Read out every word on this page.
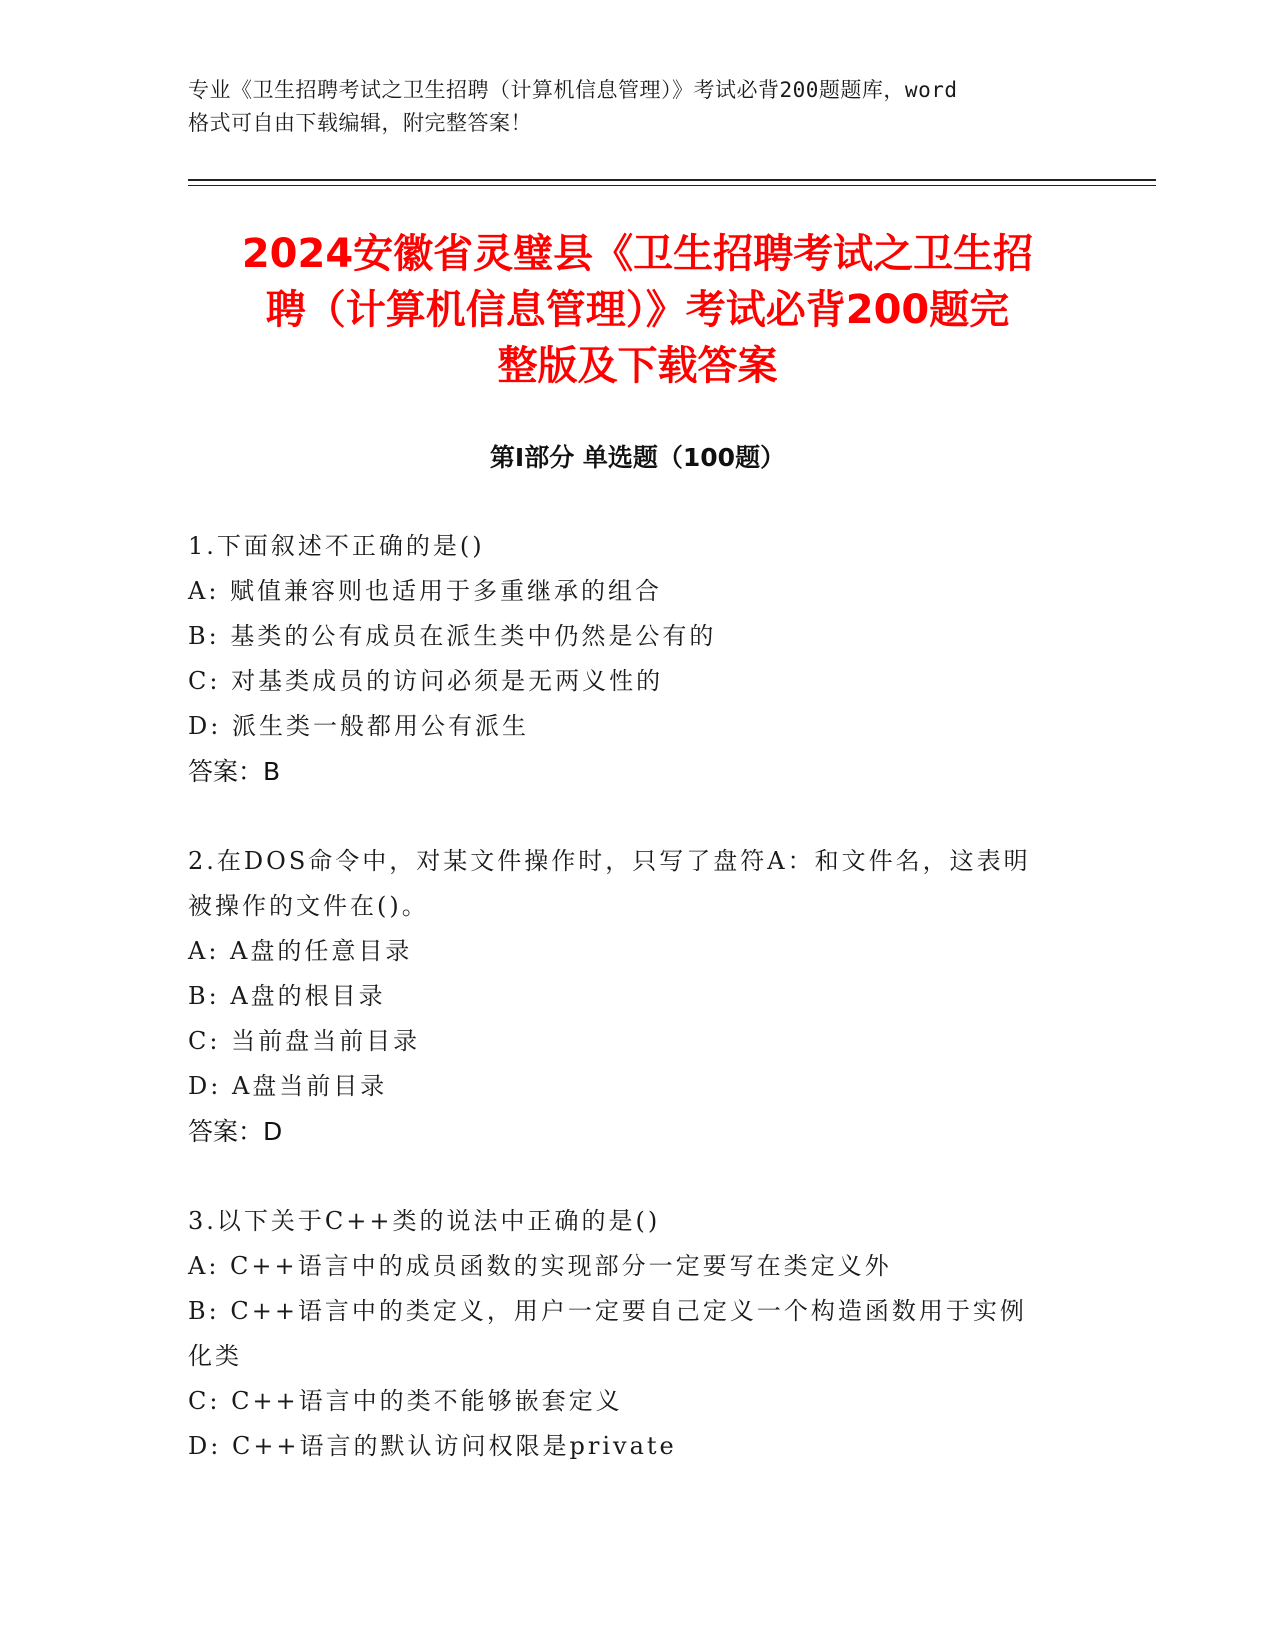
专业《卫生招聘考试之卫生招聘（计算机信息管理）》考试必背200题题库，word
格式可自由下载编辑，附完整答案！
2024安徽省灵璧县《卫生招聘考试之卫生招
聘（计算机信息管理）》考试必背200题完
整版及下载答案
第I部分 单选题（100题）
1.下面叙述不正确的是()
A: 赋值兼容则也适用于多重继承的组合
B: 基类的公有成员在派生类中仍然是公有的
C: 对基类成员的访问必须是无两义性的
D: 派生类一般都用公有派生
答案：B
2.在DOS命令中，对某文件操作时，只写了盘符A：和文件名，这表明
被操作的文件在()。
A: A盘的任意目录
B: A盘的根目录
C: 当前盘当前目录
D: A盘当前目录
答案：D
3.以下关于C++类的说法中正确的是()
A: C++语言中的成员函数的实现部分一定要写在类定义外
B: C++语言中的类定义，用户一定要自己定义一个构造函数用于实例
化类
C: C++语言中的类不能够嵌套定义
D: C++语言的默认访问权限是private
